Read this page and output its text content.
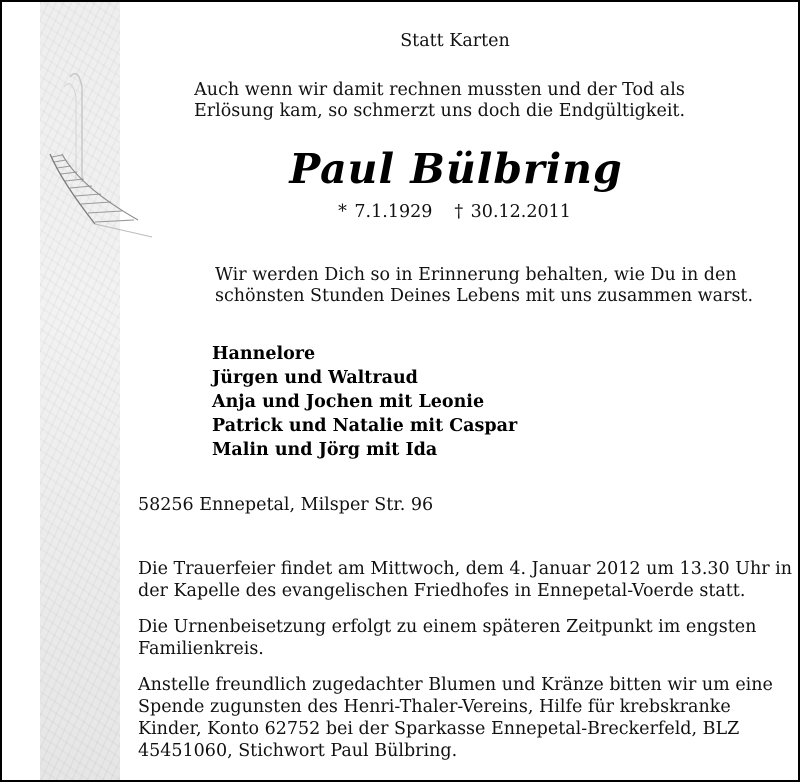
Statt Karten
Auch wenn wir damit rechnen mussten und der Tod als
Erlösung kam, so schmerzt uns doch die Endgültigkeit.
Paul Bülbring
* 7.1.1929 † 30.12.2011
Wir werden Dich so in Erinnerung behalten, wie Du in den
schönsten Stunden Deines Lebens mit uns zusammen warst.
Hannelore
Jürgen und Waltraud
Anja und Jochen mit Leonie
Patrick und Natalie mit Caspar
Malin und Jörg mit Ida
58256 Ennepetal, Milsper Str. 96
Die Trauerfeier findet am Mittwoch, dem 4. Januar 2012 um 13.30 Uhr in
der Kapelle des evangelischen Friedhofes in Ennepetal-Voerde statt.
Die Urnenbeisetzung erfolgt zu einem späteren Zeitpunkt im engsten
Familienkreis.
Anstelle freundlich zugedachter Blumen und Kränze bitten wir um eine
Spende zugunsten des Henri-Thaler-Vereins, Hilfe für krebskranke
Kinder, Konto 62752 bei der Sparkasse Ennepetal-Breckerfeld, BLZ
45451060, Stichwort Paul Bülbring.
